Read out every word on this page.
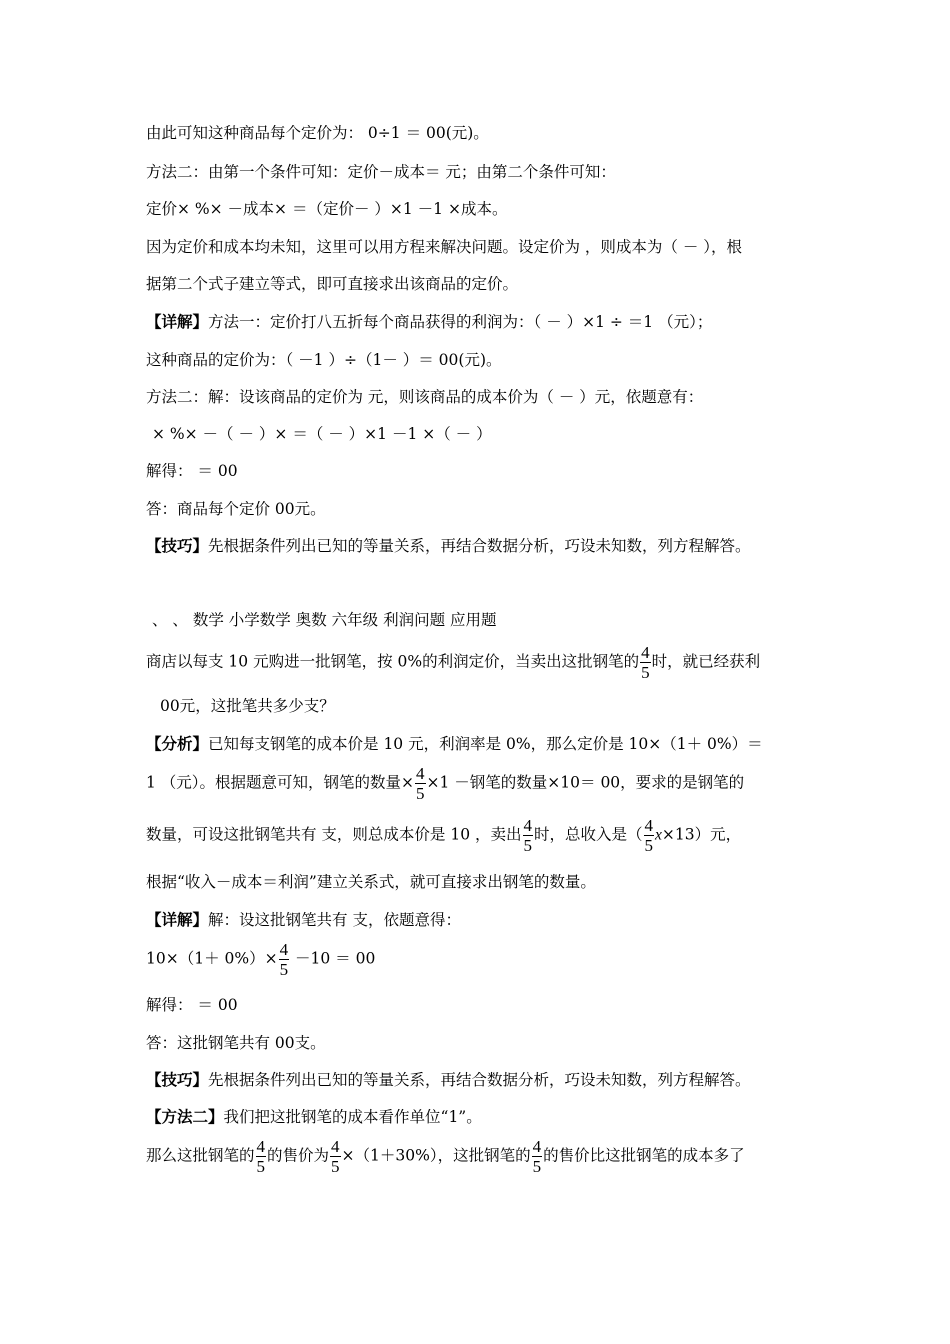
由此可知这种商品每个定价为： 0÷1 ＝ 00(元)。
方法二：由第一个条件可知：定价－成本＝ 元；由第二个条件可知：
定价× %× －成本× ＝（定价－ ）×1 －1 ×成本。
因为定价和成本均未知，这里可以用方程来解决问题。设定价为 ，则成本为（ － ），根
据第二个式子建立等式，即可直接求出该商品的定价。
【详解】方法一：定价打八五折每个商品获得的利润为：（ － ）×1 ÷ ＝1 （元）；
这种商品的定价为：（ －1 ）÷（1－ ）＝ 00(元)。
方法二：解：设该商品的定价为 元，则该商品的成本价为（ － ）元，依题意有：
× %× －（ － ）× ＝（ － ）×1 －1 ×（ － ）
解得： ＝ 00
答：商品每个定价 00元。
【技巧】先根据条件列出已知的等量关系，再结合数据分析，巧设未知数，列方程解答。
、 、 数学 小学数学 奥数 六年级 利润问题 应用题
商店以每支 10 元购进一批钢笔，按 0%的利润定价，当卖出这批钢笔的 $\frac{4}{5}$ 时，就已经获利
00元，这批笔共多少支？
【分析】已知每支钢笔的成本价是 10 元，利润率是 0%，那么定价是 10×（1＋ 0%）＝
1 （元）。根据题意可知，钢笔的数量× $\frac{4}{5} \times 1$ －钢笔的数量×10＝ 00，要求的是钢笔的
数量，可设这批钢笔共有 支，则总成本价是 10 ，卖出 $\frac{4}{5}$ 时，总收入是（ $\frac{4}{5} x\times 13$）元，
根据“收入－成本＝利润”建立关系式，就可直接求出钢笔的数量。
【详解】解：设这批钢笔共有 支，依题意得：
$10\times(1+ 0\%)\times \frac{4}{5} -10 = 00$
解得： ＝ 00
答：这批钢笔共有 00支。
【技巧】先根据条件列出已知的等量关系，再结合数据分析，巧设未知数，列方程解答。
【方法二】我们把这批钢笔的成本看作单位“1”。
那么这批钢笔的 $\frac{4}{5}$ 的售价为 $\frac{4}{5} \times(1+30\%)$，这批钢笔的 $\frac{4}{5}$ 的售价比这批钢笔的成本多了
